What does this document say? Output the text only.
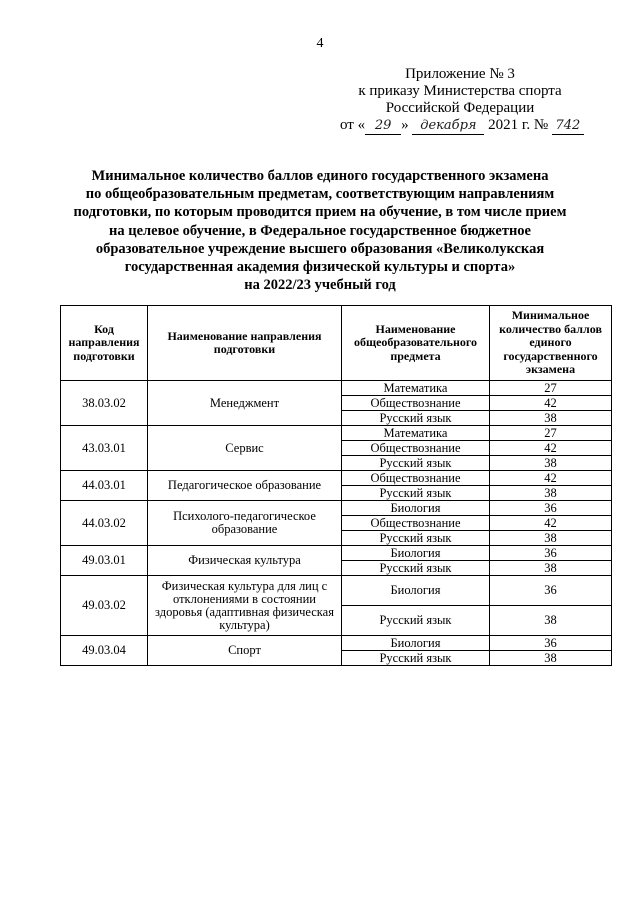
4
Приложение № 3
к приказу Министерства спорта
Российской Федерации
от « 29 » декабря 2021 г. № 742
Минимальное количество баллов единого государственного экзамена
по общеобразовательным предметам, соответствующим направлениям
подготовки, по которым проводится прием на обучение, в том числе прием
на целевое обучение, в Федеральное государственное бюджетное
образовательное учреждение высшего образования «Великолукская
государственная академия физической культуры и спорта»
на 2022/23 учебный год
Код направления подготовки	Наименование направления подготовки	Наименование общеобразовательного предмета	Минимальное количество баллов единого государственного экзамена
38.03.02	Менеджмент	Математика	27
		Обществознание	42
		Русский язык	38
43.03.01	Сервис	Математика	27
		Обществознание	42
		Русский язык	38
44.03.01	Педагогическое образование	Обществознание	42
		Русский язык	38
44.03.02	Психолого-педагогическое образование	Биология	36
		Обществознание	42
		Русский язык	38
49.03.01	Физическая культура	Биология	36
		Русский язык	38
49.03.02	Физическая культура для лиц с отклонениями в состоянии здоровья (адаптивная физическая культура)	Биология	36
		Русский язык	38
49.03.04	Спорт	Биология	36
		Русский язык	38
